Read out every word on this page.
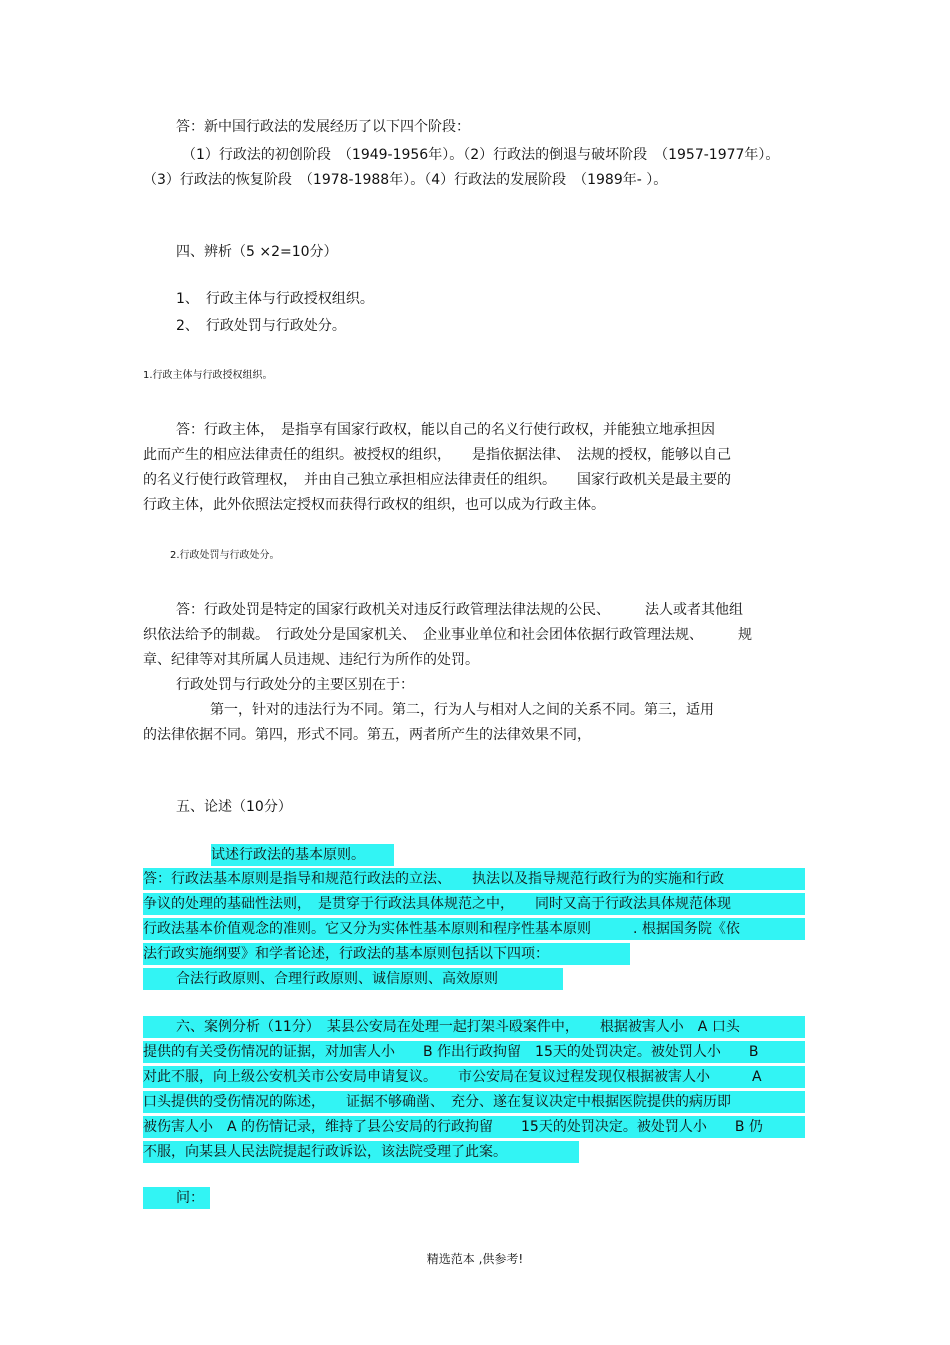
答：新中国行政法的发展经历了以下四个阶段：
（1）行政法的初创阶段　（1949-1956年）。（2）行政法的倒退与破坏阶段　（1957-1977年）。
（3）行政法的恢复阶段　（1978-1988年）。（4）行政法的发展阶段　（1989年- ）。
四、辨析（5 ×2=10分）
1、　行政主体与行政授权组织。
2、　行政处罚与行政处分。
1.行政主体与行政授权组织。
答：行政主体，　是指享有国家行政权，能以自己的名义行使行政权，并能独立地承担因
此而产生的相应法律责任的组织。被授权的组织，　　是指依据法律、　法规的授权，能够以自己
的名义行使行政管理权，　并由自己独立承担相应法律责任的组织。　　国家行政机关是最主要的
行政主体，此外依照法定授权而获得行政权的组织，也可以成为行政主体。
2.行政处罚与行政处分。
答：行政处罚是特定的国家行政机关对违反行政管理法律法规的公民、　　　法人或者其他组
织依法给予的制裁。　行政处分是国家机关、　企业事业单位和社会团体依据行政管理法规、　　　规
章、纪律等对其所属人员违规、违纪行为所作的处罚。
行政处罚与行政处分的主要区别在于：
第一，针对的违法行为不同。第二，行为人与相对人之间的关系不同。第三，适用
的法律依据不同。第四，形式不同。第五，两者所产生的法律效果不同，
五、论述（10分）
试述行政法的基本原则。
答：行政法基本原则是指导和规范行政法的立法、　　执法以及指导规范行政行为的实施和行政
争议的处理的基础性法则，　是贯穿于行政法具体规范之中，　　同时又高于行政法具体规范体现
行政法基本价值观念的准则。它又分为实体性基本原则和程序性基本原则　　　. 根据国务院《依
法行政实施纲要》和学者论述，行政法的基本原则包括以下四项：
合法行政原则、合理行政原则、诚信原则、高效原则
六、案例分析（11分）　某县公安局在处理一起打架斗殴案件中，　　根据被害人小　A 口头
提供的有关受伤情况的证据，对加害人小　　B 作出行政拘留　15天的处罚决定。被处罚人小　　B
对此不服，向上级公安机关市公安局申请复议。　　市公安局在复议过程发现仅根据被害人小　　　A
口头提供的受伤情况的陈述，　　证据不够确凿、　充分、遂在复议决定中根据医院提供的病历即
被伤害人小　A 的伤情记录，维持了县公安局的行政拘留　　15天的处罚决定。被处罚人小　　B 仍
不服，向某县人民法院提起行政诉讼，该法院受理了此案。
问：
精选范本 ,供参考!
